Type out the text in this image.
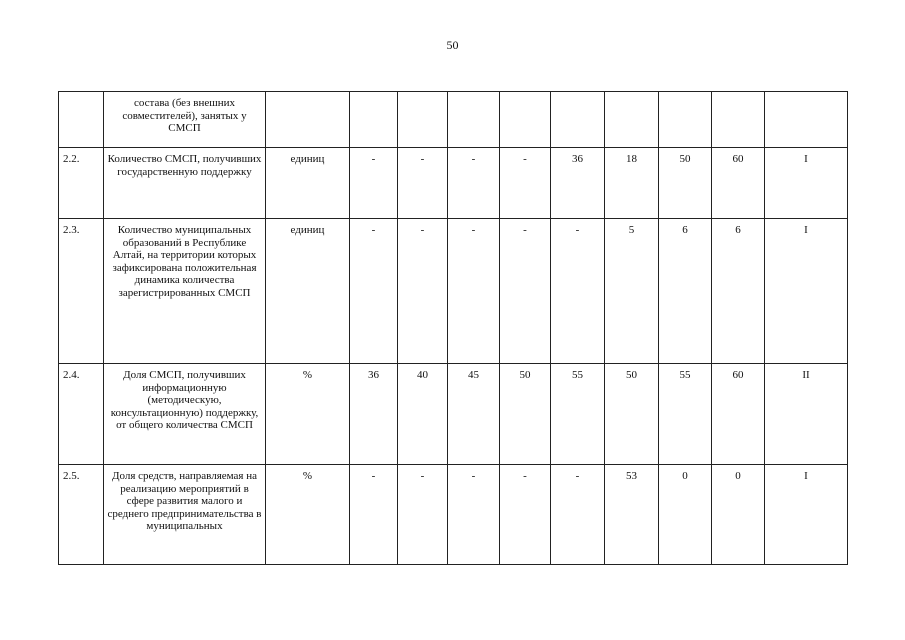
50
	состава (без внешних совместителей), занятых у СМСП										
2.2.	Количество СМСП, получивших государственную поддержку	единиц	-	-	-	-	36	18	50	60	I
2.3.	Количество муниципальных образований в Республике Алтай, на территории которых зафиксирована положительная динамика количества зарегистрированных СМСП	единиц	-	-	-	-	-	5	6	6	I
2.4.	Доля СМСП, получивших информационную (методическую, консультационную) поддержку, от общего количества СМСП	%	36	40	45	50	55	50	55	60	II
2.5.	Доля средств, направляемая на реализацию мероприятий в сфере развития малого и среднего предпринимательства в муниципальных	%	-	-	-	-	-	53	0	0	I
